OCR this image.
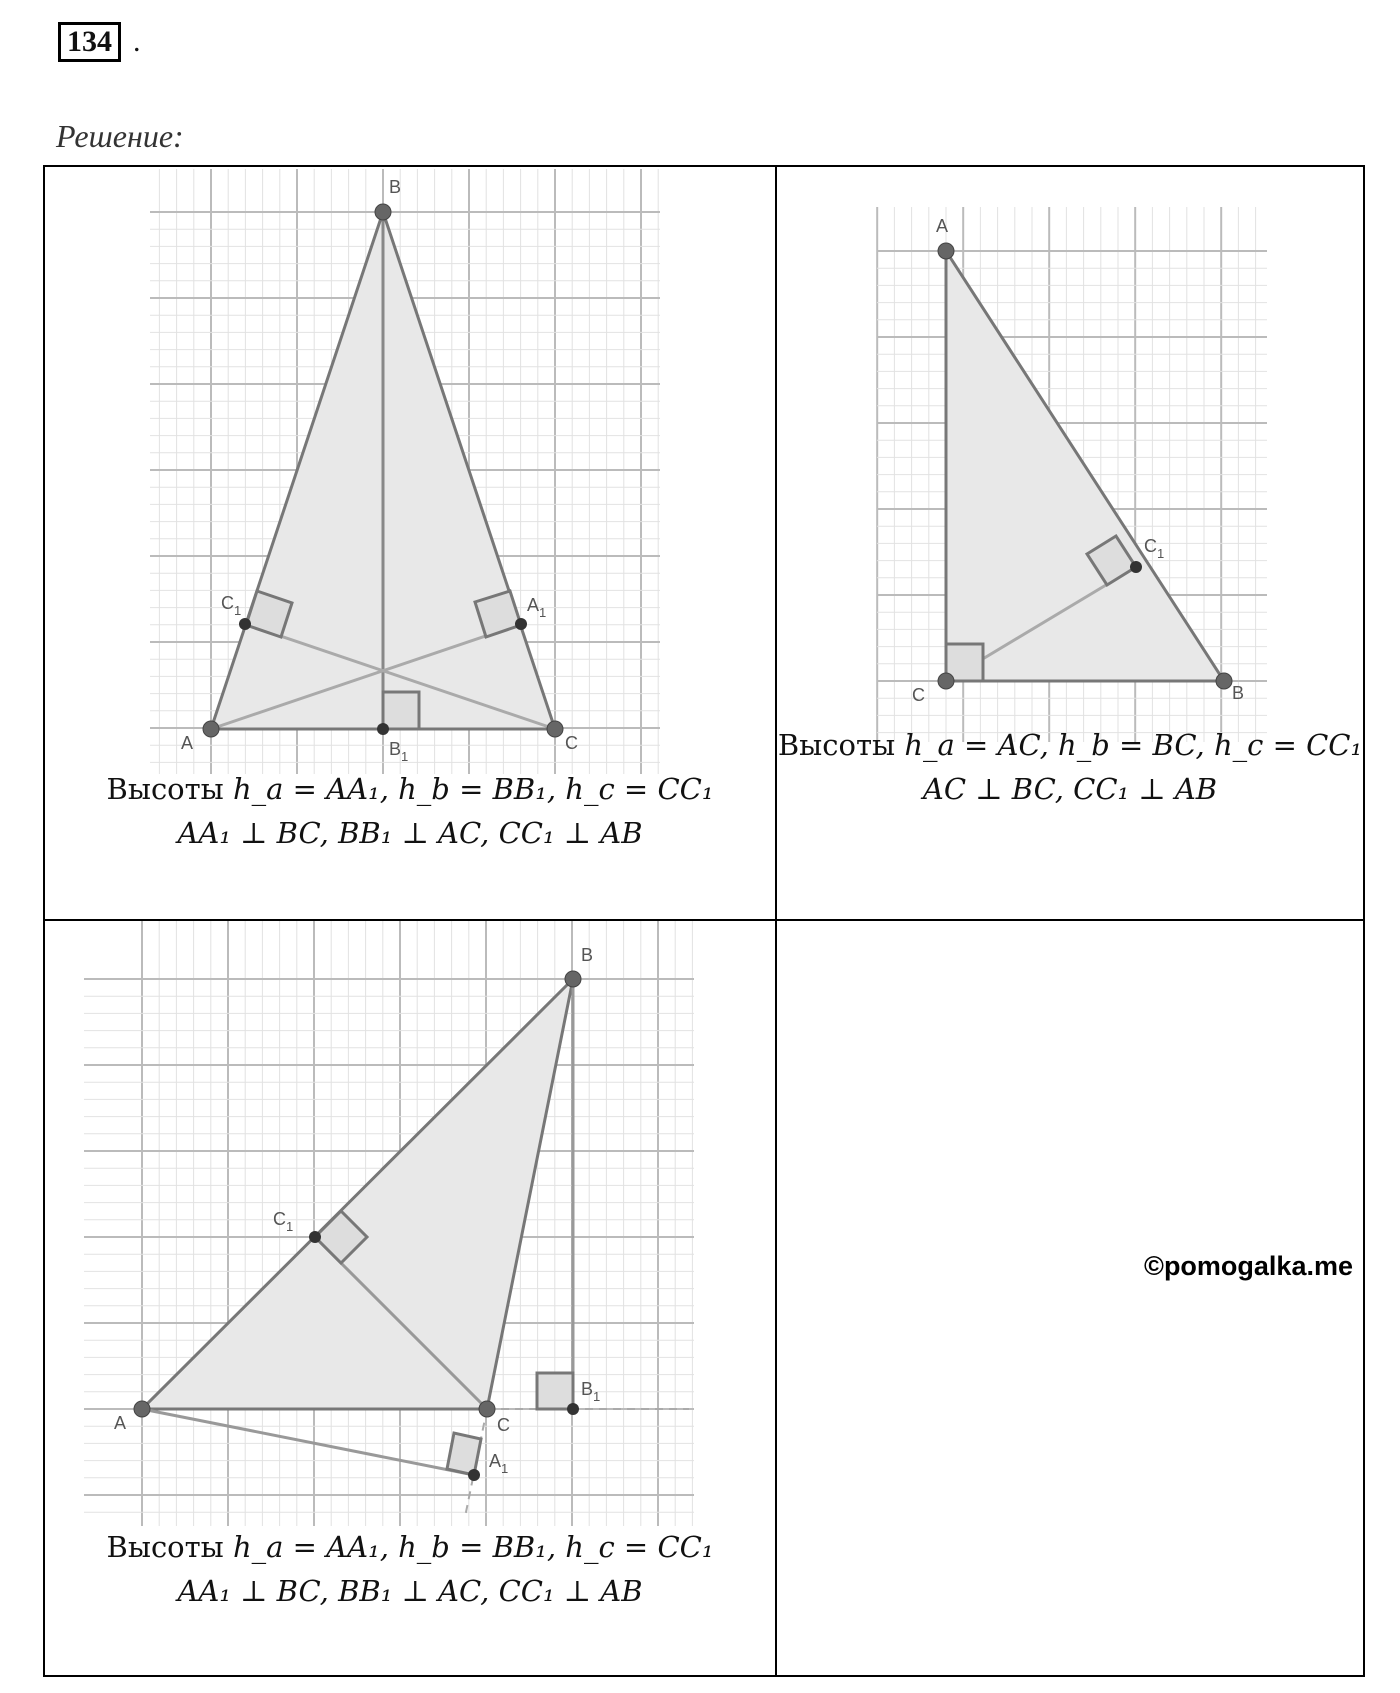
134 .
Решение:
A
B
C
$B_1$
$C_1$	$A_1$
Высоты h_a = AA₁, h_b = BB₁, h_c = CC₁
AA₁ ⊥ BC, BB₁ ⊥ AC, CC₁ ⊥ AB
A
C	B
$C_1$
Высоты h_a = AC, h_b = BC, h_c = CC₁
AC ⊥ BC, CC₁ ⊥ AB
A	C
B
$B_1$
$C_1$
$A_1$
Высоты h_a = AA₁, h_b = BB₁, h_c = CC₁
AA₁ ⊥ BC, BB₁ ⊥ AC, CC₁ ⊥ AB
©pomogalka.me
